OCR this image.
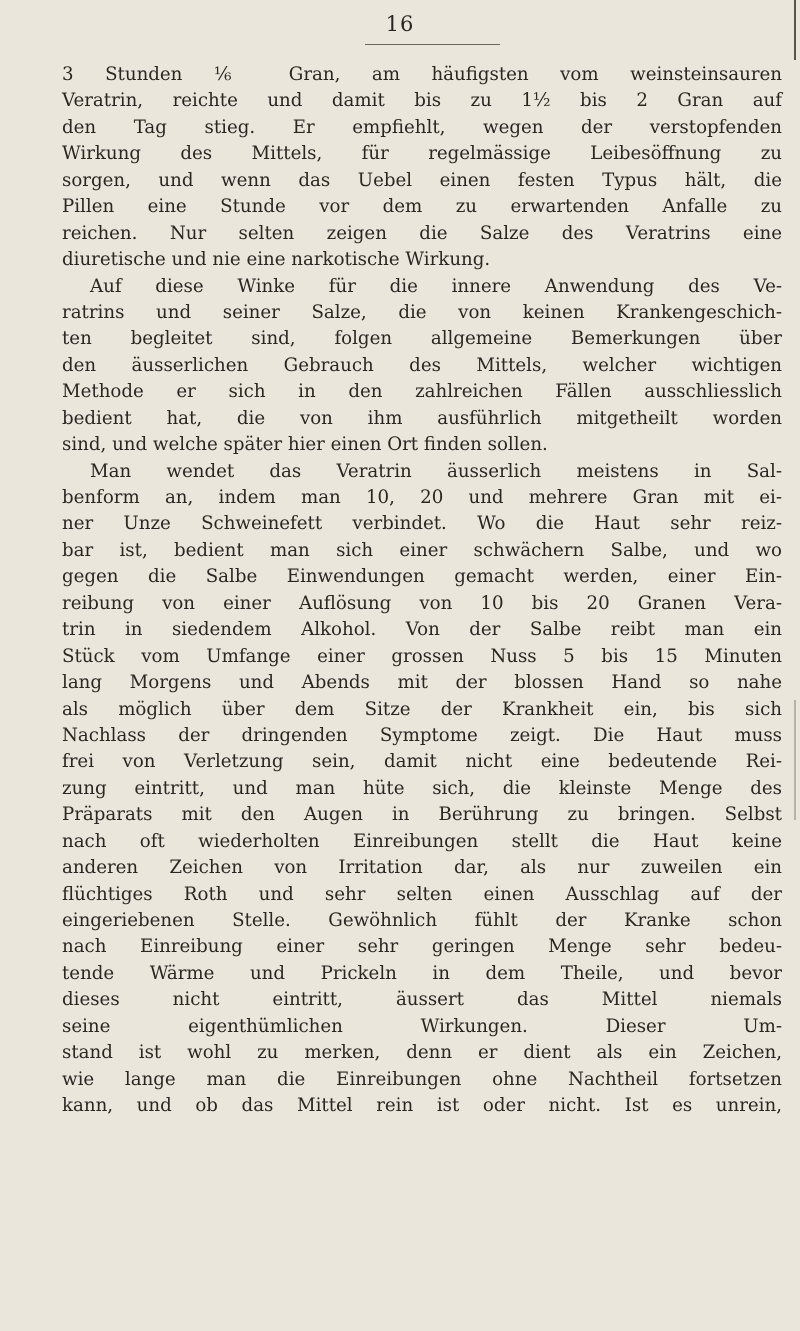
16
3 Stunden ⅙ Gran, am häufigsten vom weinsteinsauren
Veratrin, reichte und damit bis zu 1½ bis 2 Gran auf
den Tag stieg. Er empfiehlt, wegen der verstopfenden
Wirkung des Mittels, für regelmässige Leibesöffnung zu
sorgen, und wenn das Uebel einen festen Typus hält, die
Pillen eine Stunde vor dem zu erwartenden Anfalle zu
reichen. Nur selten zeigen die Salze des Veratrins eine
diuretische und nie eine narkotische Wirkung.
Auf diese Winke für die innere Anwendung des Ve-
ratrins und seiner Salze, die von keinen Krankengeschich-
ten begleitet sind, folgen allgemeine Bemerkungen über
den äusserlichen Gebrauch des Mittels, welcher wichtigen
Methode er sich in den zahlreichen Fällen ausschliesslich
bedient hat, die von ihm ausführlich mitgetheilt worden
sind, und welche später hier einen Ort finden sollen.
Man wendet das Veratrin äusserlich meistens in Sal-
benform an, indem man 10, 20 und mehrere Gran mit ei-
ner Unze Schweinefett verbindet. Wo die Haut sehr reiz-
bar ist, bedient man sich einer schwächern Salbe, und wo
gegen die Salbe Einwendungen gemacht werden, einer Ein-
reibung von einer Auflösung von 10 bis 20 Granen Vera-
trin in siedendem Alkohol. Von der Salbe reibt man ein
Stück vom Umfange einer grossen Nuss 5 bis 15 Minuten
lang Morgens und Abends mit der blossen Hand so nahe
als möglich über dem Sitze der Krankheit ein, bis sich
Nachlass der dringenden Symptome zeigt. Die Haut muss
frei von Verletzung sein, damit nicht eine bedeutende Rei-
zung eintritt, und man hüte sich, die kleinste Menge des
Präparats mit den Augen in Berührung zu bringen. Selbst
nach oft wiederholten Einreibungen stellt die Haut keine
anderen Zeichen von Irritation dar, als nur zuweilen ein
flüchtiges Roth und sehr selten einen Ausschlag auf der
eingeriebenen Stelle. Gewöhnlich fühlt der Kranke schon
nach Einreibung einer sehr geringen Menge sehr bedeu-
tende Wärme und Prickeln in dem Theile, und bevor
dieses nicht eintritt, äussert das Mittel niemals
seine eigenthümlichen Wirkungen. Dieser Um-
stand ist wohl zu merken, denn er dient als ein Zeichen,
wie lange man die Einreibungen ohne Nachtheil fortsetzen
kann, und ob das Mittel rein ist oder nicht. Ist es unrein,
